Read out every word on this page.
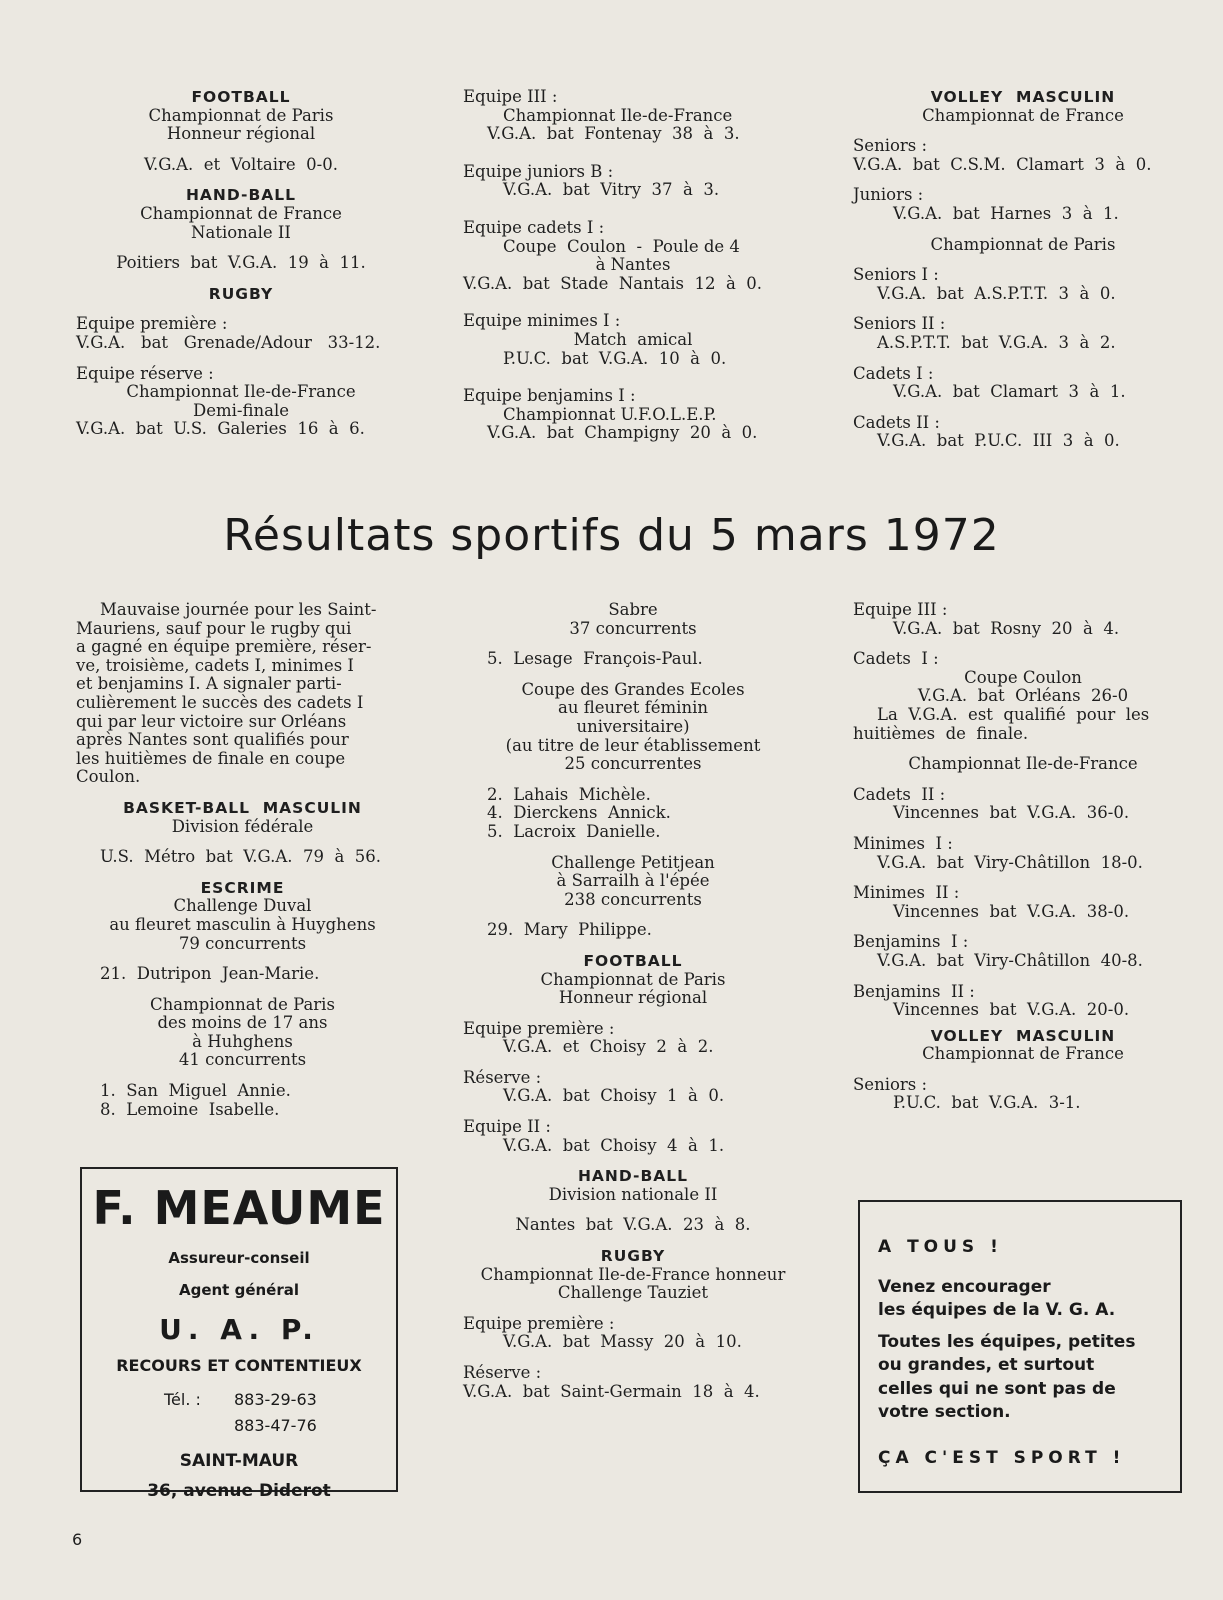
FOOTBALL
Championnat de Paris
Honneur régional
V.G.A.  et  Voltaire  0-0.
HAND-BALL
Championnat de France
Nationale II
Poitiers  bat  V.G.A.  19  à  11.
RUGBY
Equipe première :
V.G.A.   bat   Grenade/Adour   33-12.
Equipe réserve :
Championnat Ile-de-France
Demi-finale
V.G.A.  bat  U.S.  Galeries  16  à  6.
Equipe III :
Championnat Ile-de-France
V.G.A.  bat  Fontenay  38  à  3.
Equipe juniors B :
V.G.A.  bat  Vitry  37  à  3.
Equipe cadets I :
Coupe  Coulon  -  Poule de 4
à Nantes
V.G.A.  bat  Stade  Nantais  12  à  0.
Equipe minimes I :
Match  amical
P.U.C.  bat  V.G.A.  10  à  0.
Equipe benjamins I :
Championnat U.F.O.L.E.P.
V.G.A.  bat  Champigny  20  à  0.
VOLLEY  MASCULIN
Championnat de France
Seniors :
V.G.A.  bat  C.S.M.  Clamart  3  à  0.
Juniors :
V.G.A.  bat  Harnes  3  à  1.
Championnat de Paris
Seniors I :
V.G.A.  bat  A.S.P.T.T.  3  à  0.
Seniors II :
A.S.P.T.T.  bat  V.G.A.  3  à  2.
Cadets I :
V.G.A.  bat  Clamart  3  à  1.
Cadets II :
V.G.A.  bat  P.U.C.  III  3  à  0.
Résultats sportifs du 5 mars 1972
Mauvaise journée pour les Saint-
Mauriens, sauf pour le rugby qui
a gagné en équipe première, réser-
ve, troisième, cadets I, minimes I
et benjamins I. A signaler parti-
culièrement le succès des cadets I
qui par leur victoire sur Orléans
après Nantes sont qualifiés pour
les huitièmes de finale en coupe
Coulon.
BASKET-BALL  MASCULIN
Division fédérale
U.S.  Métro  bat  V.G.A.  79  à  56.
ESCRIME
Challenge Duval
au fleuret masculin à Huyghens
79 concurrents
21.  Dutripon  Jean-Marie.
Championnat de Paris
des moins de 17 ans
à Huhghens
41 concurrents
1.  San  Miguel  Annie.
8.  Lemoine  Isabelle.
Sabre
37 concurrents
5.  Lesage  François-Paul.
Coupe des Grandes Ecoles
au fleuret féminin
universitaire)
(au titre de leur établissement
25 concurrentes
2.  Lahais  Michèle.
4.  Dierckens  Annick.
5.  Lacroix  Danielle.
Challenge Petitjean
à Sarrailh à l'épée
238 concurrents
29.  Mary  Philippe.
FOOTBALL
Championnat de Paris
Honneur régional
Equipe première :
V.G.A.  et  Choisy  2  à  2.
Réserve :
V.G.A.  bat  Choisy  1  à  0.
Equipe II :
V.G.A.  bat  Choisy  4  à  1.
HAND-BALL
Division nationale II
Nantes  bat  V.G.A.  23  à  8.
RUGBY
Championnat Ile-de-France honneur
Challenge Tauziet
Equipe première :
V.G.A.  bat  Massy  20  à  10.
Réserve :
V.G.A.  bat  Saint-Germain  18  à  4.
Equipe III :
V.G.A.  bat  Rosny  20  à  4.
Cadets  I :
Coupe Coulon
V.G.A.  bat  Orléans  26-0
La  V.G.A.  est  qualifié  pour  les
huitièmes  de  finale.
Championnat Ile-de-France
Cadets  II :
Vincennes  bat  V.G.A.  36-0.
Minimes  I :
V.G.A.  bat  Viry-Châtillon  18-0.
Minimes  II :
Vincennes  bat  V.G.A.  38-0.
Benjamins  I :
V.G.A.  bat  Viry-Châtillon  40-8.
Benjamins  II :
Vincennes  bat  V.G.A.  20-0.
VOLLEY  MASCULIN
Championnat de France
Seniors :
P.U.C.  bat  V.G.A.  3-1.
F. MEAUME
Assureur-conseil
Agent général
U. A. P.
RECOURS ET CONTENTIEUX
Tél. : 883-29-63
883-47-76
SAINT-MAUR
36, avenue Diderot
A TOUS !
Venez encourager
les équipes de la V. G. A.
Toutes les équipes, petites
ou grandes, et surtout
celles qui ne sont pas de
votre section.
ÇA C'EST SPORT !
6
